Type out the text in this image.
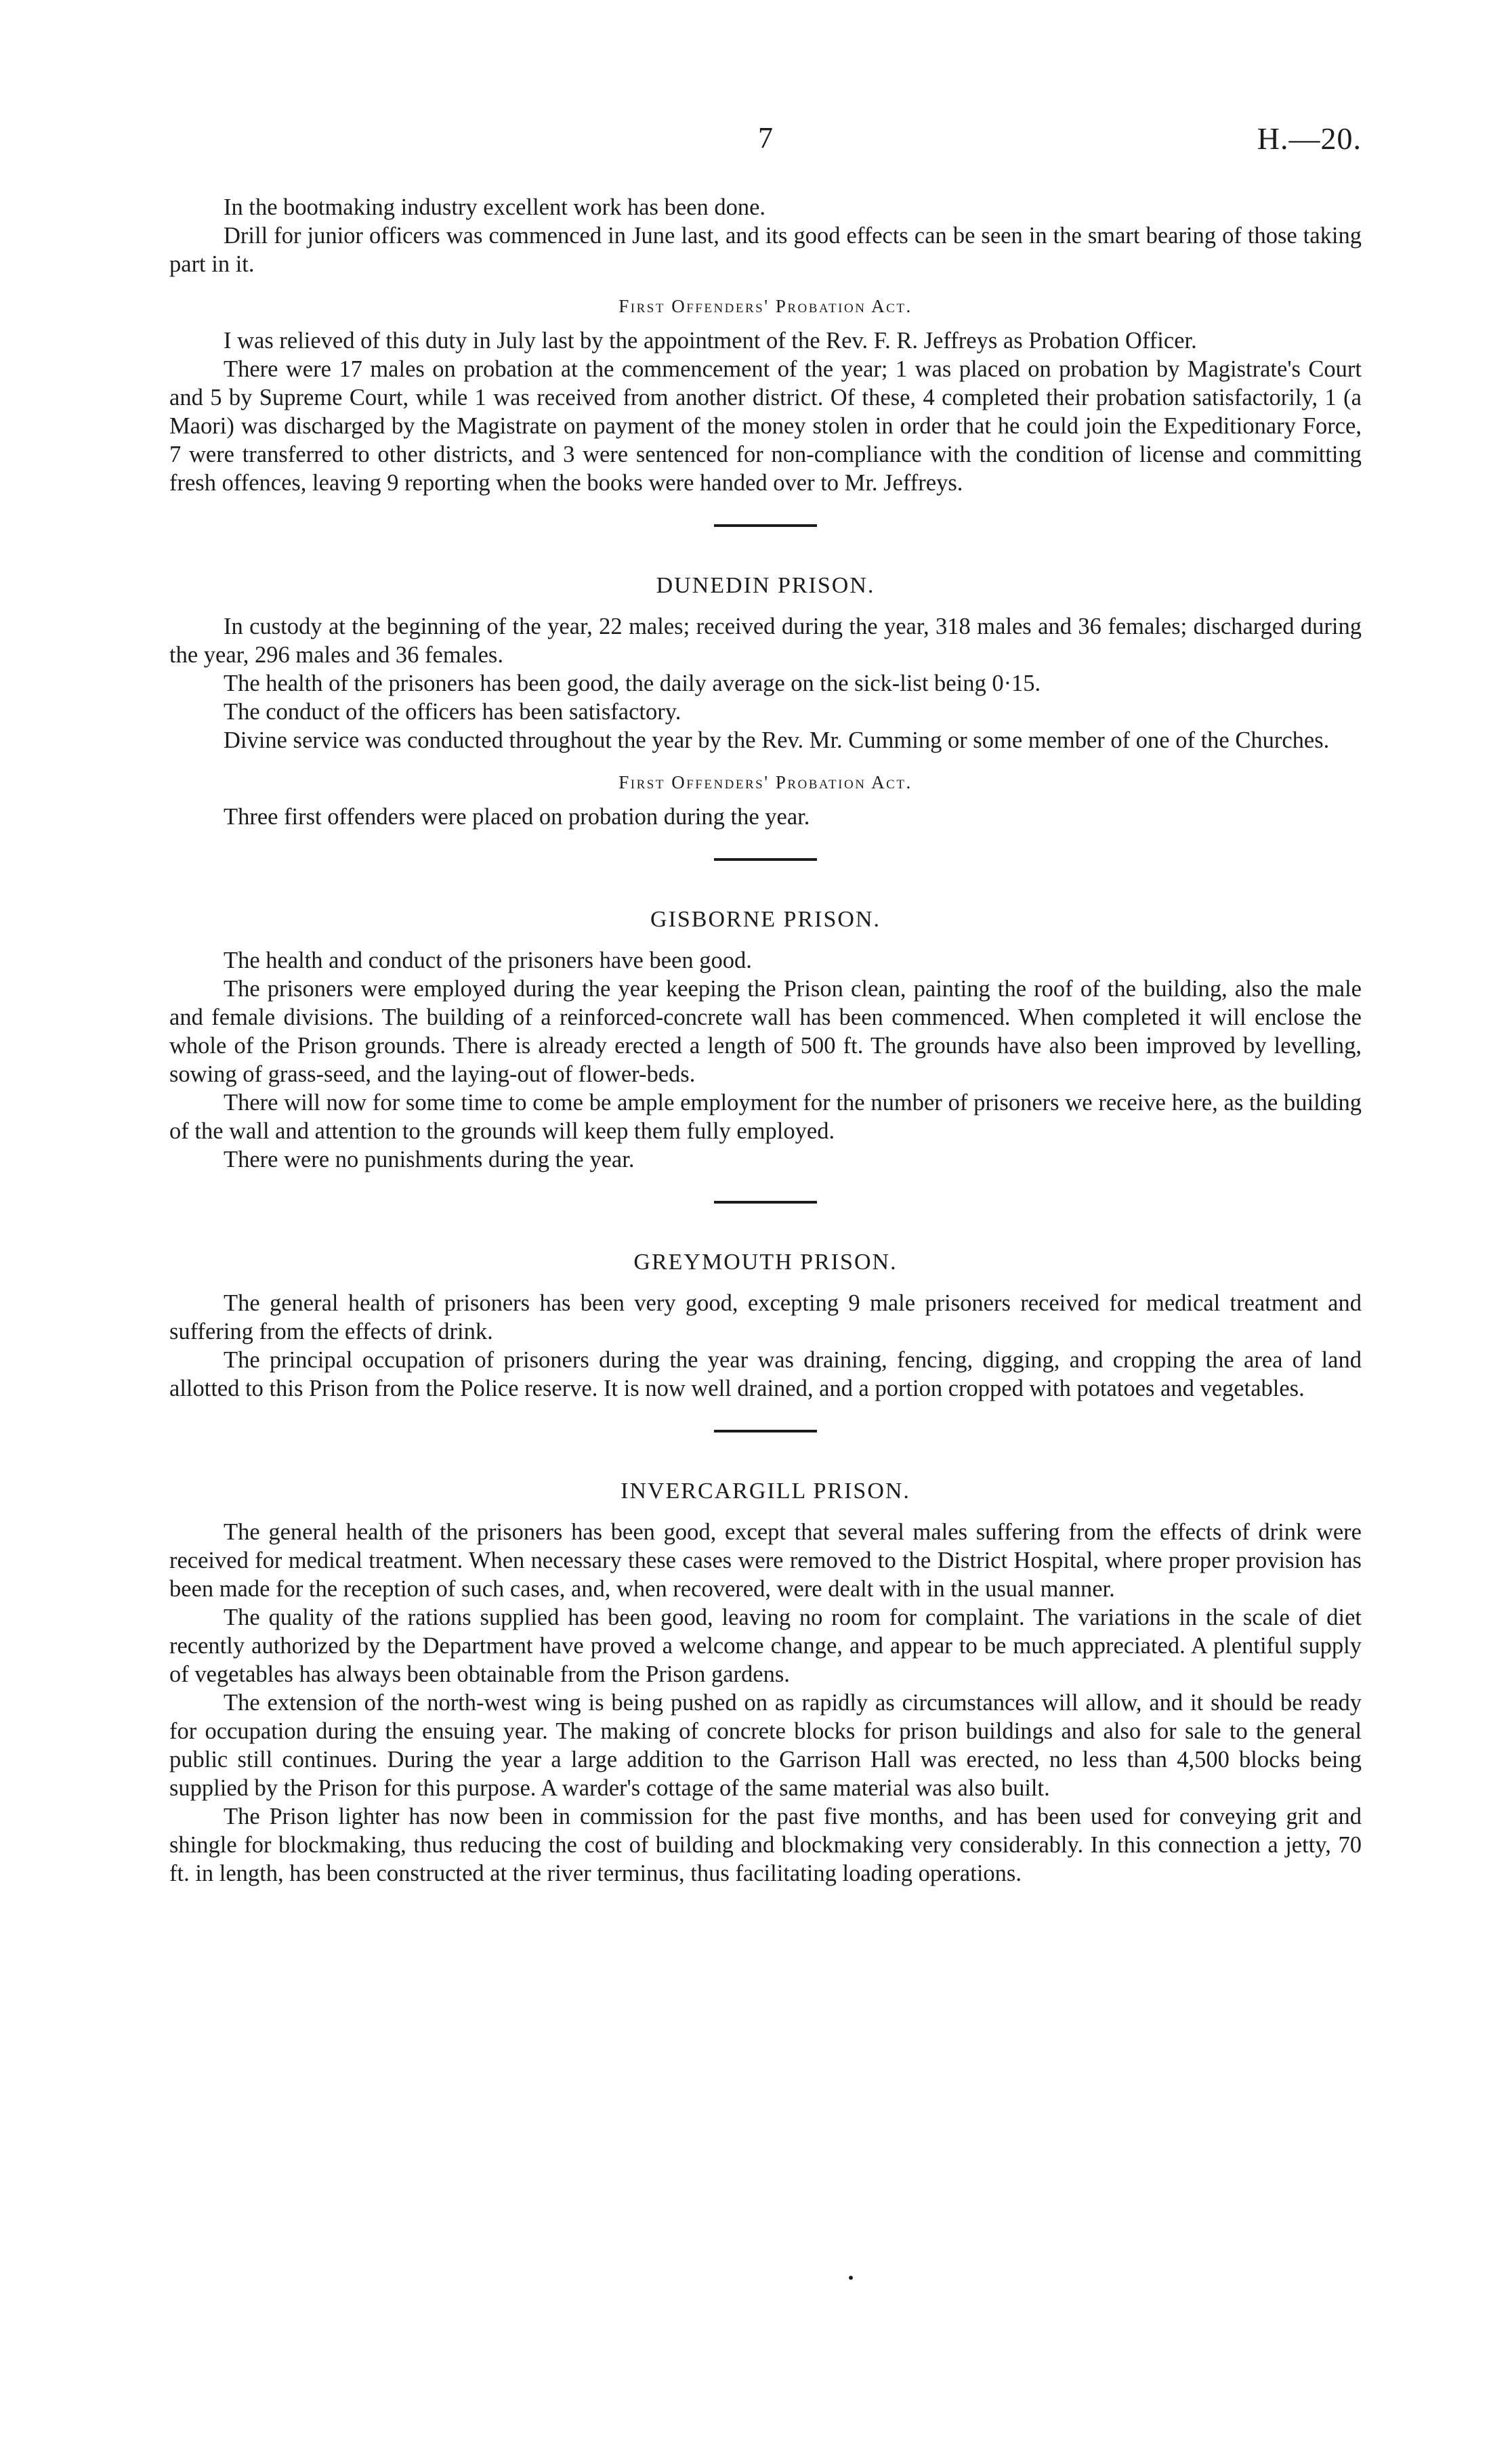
7	H.—20.

In the bootmaking industry excellent work has been done.

Drill for junior officers was commenced in June last, and its good effects can be seen in the smart bearing of those taking part in it.

First Offenders' Probation Act.

I was relieved of this duty in July last by the appointment of the Rev. F. R. Jeffreys as Probation Officer.

There were 17 males on probation at the commencement of the year; 1 was placed on probation by Magistrate's Court and 5 by Supreme Court, while 1 was received from another district. Of these, 4 completed their probation satisfactorily, 1 (a Maori) was discharged by the Magistrate on payment of the money stolen in order that he could join the Expeditionary Force, 7 were transferred to other districts, and 3 were sentenced for non-compliance with the condition of license and committing fresh offences, leaving 9 reporting when the books were handed over to Mr. Jeffreys.

DUNEDIN PRISON.

In custody at the beginning of the year, 22 males; received during the year, 318 males and 36 females; discharged during the year, 296 males and 36 females.

The health of the prisoners has been good, the daily average on the sick-list being 0·15.

The conduct of the officers has been satisfactory.

Divine service was conducted throughout the year by the Rev. Mr. Cumming or some member of one of the Churches.

First Offenders' Probation Act.

Three first offenders were placed on probation during the year.

GISBORNE PRISON.

The health and conduct of the prisoners have been good.

The prisoners were employed during the year keeping the Prison clean, painting the roof of the building, also the male and female divisions. The building of a reinforced-concrete wall has been commenced. When completed it will enclose the whole of the Prison grounds. There is already erected a length of 500 ft. The grounds have also been improved by levelling, sowing of grass-seed, and the laying-out of flower-beds.

There will now for some time to come be ample employment for the number of prisoners we receive here, as the building of the wall and attention to the grounds will keep them fully employed.

There were no punishments during the year.

GREYMOUTH PRISON.

The general health of prisoners has been very good, excepting 9 male prisoners received for medical treatment and suffering from the effects of drink.

The principal occupation of prisoners during the year was draining, fencing, digging, and cropping the area of land allotted to this Prison from the Police reserve. It is now well drained, and a portion cropped with potatoes and vegetables.

INVERCARGILL PRISON.

The general health of the prisoners has been good, except that several males suffering from the effects of drink were received for medical treatment. When necessary these cases were removed to the District Hospital, where proper provision has been made for the reception of such cases, and, when recovered, were dealt with in the usual manner.

The quality of the rations supplied has been good, leaving no room for complaint. The variations in the scale of diet recently authorized by the Department have proved a welcome change, and appear to be much appreciated. A plentiful supply of vegetables has always been obtainable from the Prison gardens.

The extension of the north-west wing is being pushed on as rapidly as circumstances will allow, and it should be ready for occupation during the ensuing year. The making of concrete blocks for prison buildings and also for sale to the general public still continues. During the year a large addition to the Garrison Hall was erected, no less than 4,500 blocks being supplied by the Prison for this purpose. A warder's cottage of the same material was also built.

The Prison lighter has now been in commission for the past five months, and has been used for conveying grit and shingle for blockmaking, thus reducing the cost of building and blockmaking very considerably. In this connection a jetty, 70 ft. in length, has been constructed at the river terminus, thus facilitating loading operations.
